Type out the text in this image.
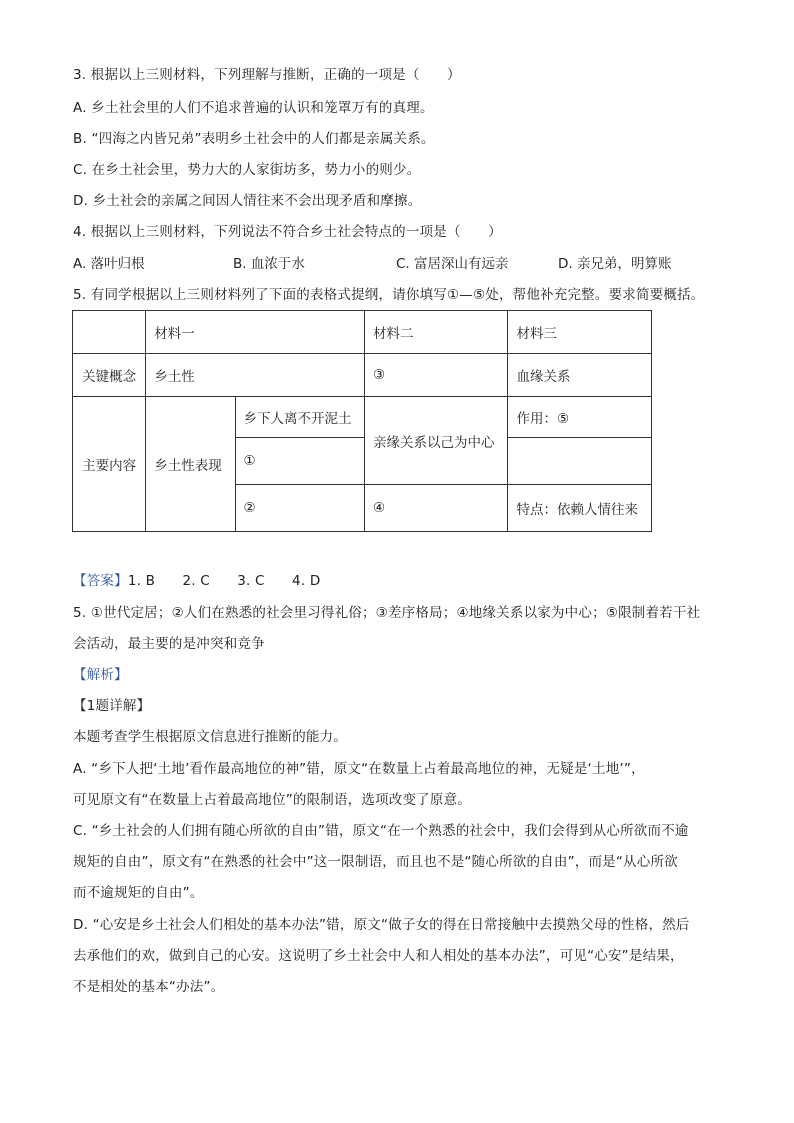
3. 根据以上三则材料，下列理解与推断，正确的一项是（　　）
A. 乡土社会里的人们不追求普遍的认识和笼罩万有的真理。
B. “四海之内皆兄弟”表明乡土社会中的人们都是亲属关系。
C. 在乡土社会里，势力大的人家街坊多，势力小的则少。
D. 乡土社会的亲属之间因人情往来不会出现矛盾和摩擦。
4. 根据以上三则材料，下列说法不符合乡土社会特点的一项是（　　）
A. 落叶归根	B. 血浓于水	C. 富居深山有远亲	D. 亲兄弟，明算账
5. 有同学根据以上三则材料列了下面的表格式提纲，请你填写①—⑤处，帮他补充完整。要求简要概括。
	材料一		材料二	材料三
关键概念	乡土性		③	血缘关系
主要内容	乡土性表现	乡下人离不开泥土	亲缘关系以己为中心	作用：⑤
		①		
		②	④	特点：依赖人情往来
【答案】1. B　　2. C　　3. C　　4. D
5. ①世代定居；②人们在熟悉的社会里习得礼俗；③差序格局；④地缘关系以家为中心；⑤限制着若干社
会活动，最主要的是冲突和竞争
【解析】
【1题详解】
本题考查学生根据原文信息进行推断的能力。
A. “乡下人把‘土地’看作最高地位的神”错，原文“在数量上占着最高地位的神，无疑是‘土地’”，
可见原文有“在数量上占着最高地位”的限制语，选项改变了原意。
C. “乡土社会的人们拥有随心所欲的自由”错，原文“在一个熟悉的社会中，我们会得到从心所欲而不逾
规矩的自由”，原文有“在熟悉的社会中”这一限制语，而且也不是“随心所欲的自由”，而是“从心所欲
而不逾规矩的自由”。
D. “心安是乡土社会人们相处的基本办法”错，原文“做子女的得在日常接触中去摸熟父母的性格，然后
去承他们的欢，做到自己的心安。这说明了乡土社会中人和人相处的基本办法”，可见“心安”是结果，
不是相处的基本“办法”。
